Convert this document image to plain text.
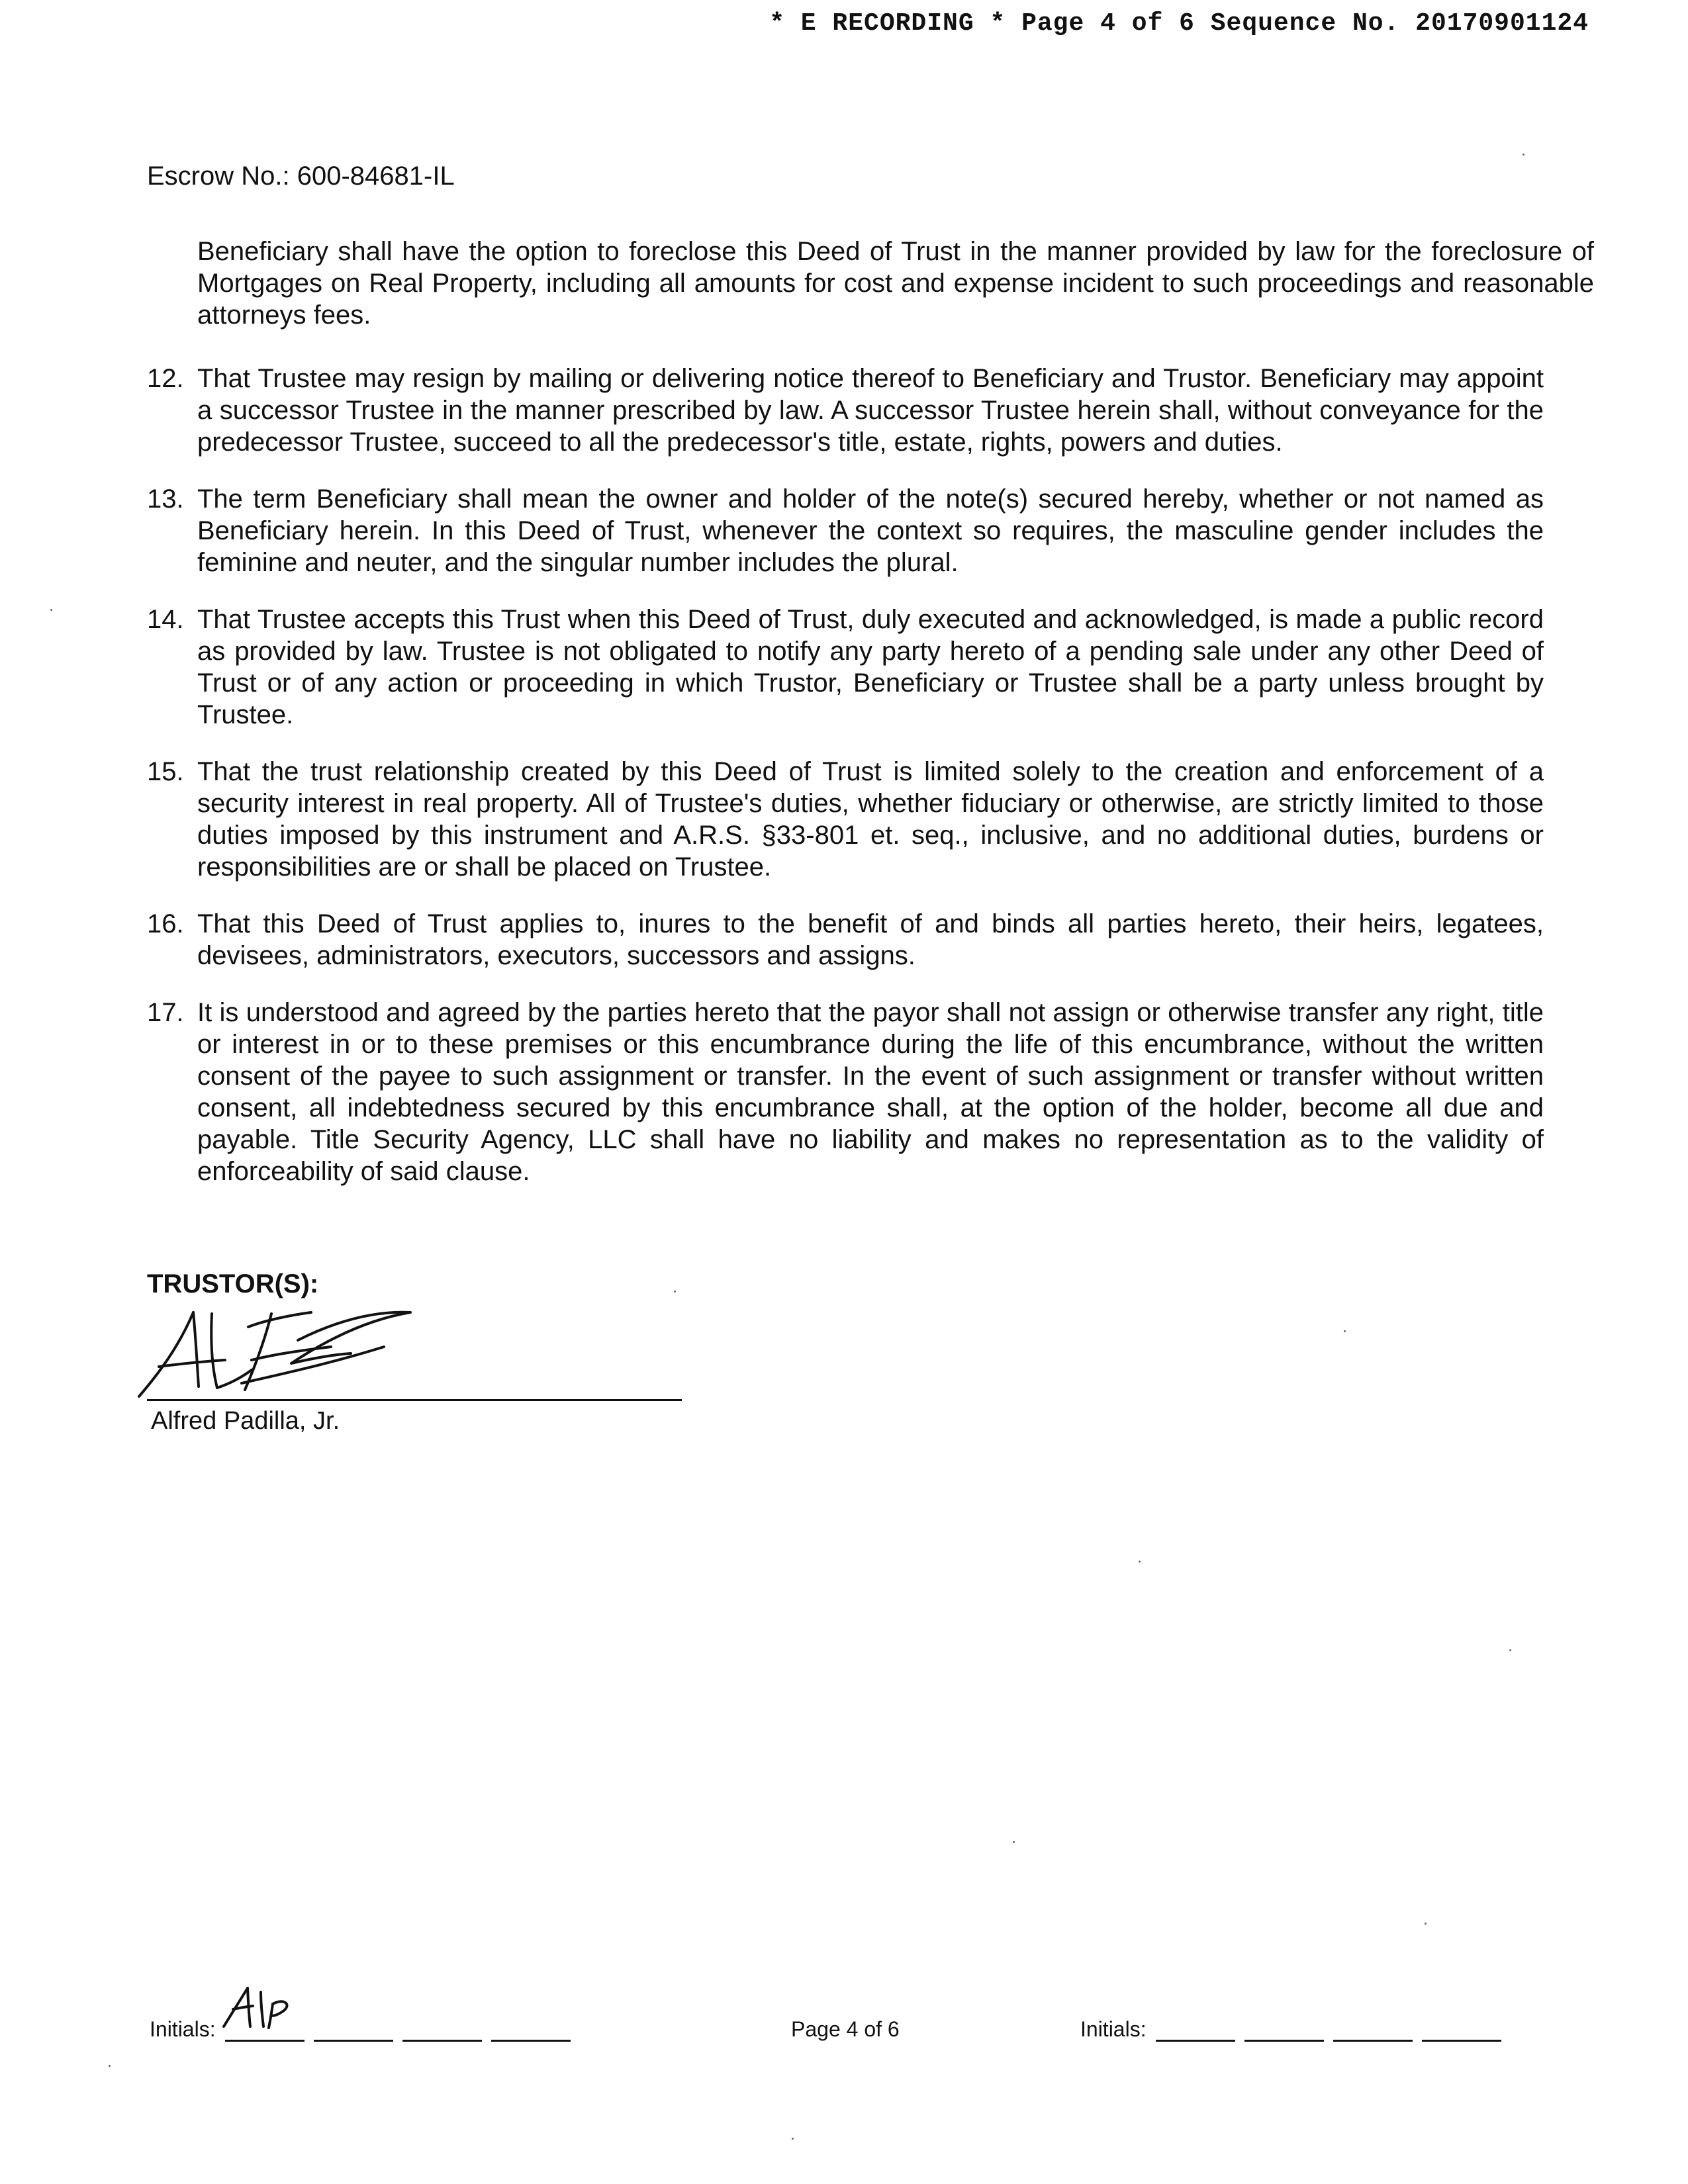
* E RECORDING * Page 4 of 6 Sequence No. 20170901124
Escrow No.: 600-84681-IL
Beneficiary shall have the option to foreclose this Deed of Trust in the manner provided by law for the foreclosure of Mortgages on Real Property, including all amounts for cost and expense incident to such proceedings and reasonable attorneys fees.
12. That Trustee may resign by mailing or delivering notice thereof to Beneficiary and Trustor. Beneficiary may appoint a successor Trustee in the manner prescribed by law. A successor Trustee herein shall, without conveyance for the predecessor Trustee, succeed to all the predecessor's title, estate, rights, powers and duties.
13. The term Beneficiary shall mean the owner and holder of the note(s) secured hereby, whether or not named as Beneficiary herein. In this Deed of Trust, whenever the context so requires, the masculine gender includes the feminine and neuter, and the singular number includes the plural.
14. That Trustee accepts this Trust when this Deed of Trust, duly executed and acknowledged, is made a public record as provided by law. Trustee is not obligated to notify any party hereto of a pending sale under any other Deed of Trust or of any action or proceeding in which Trustor, Beneficiary or Trustee shall be a party unless brought by Trustee.
15. That the trust relationship created by this Deed of Trust is limited solely to the creation and enforcement of a security interest in real property. All of Trustee's duties, whether fiduciary or otherwise, are strictly limited to those duties imposed by this instrument and A.R.S. §33-801 et. seq., inclusive, and no additional duties, burdens or responsibilities are or shall be placed on Trustee.
16. That this Deed of Trust applies to, inures to the benefit of and binds all parties hereto, their heirs, legatees, devisees, administrators, executors, successors and assigns.
17. It is understood and agreed by the parties hereto that the payor shall not assign or otherwise transfer any right, title or interest in or to these premises or this encumbrance during the life of this encumbrance, without the written consent of the payee to such assignment or transfer. In the event of such assignment or transfer without written consent, all indebtedness secured by this encumbrance shall, at the option of the holder, become all due and payable. Title Security Agency, LLC shall have no liability and makes no representation as to the validity of enforceability of said clause.
TRUSTOR(S):
Alfred Padilla, Jr.
Initials:	Page 4 of 6	Initials:
